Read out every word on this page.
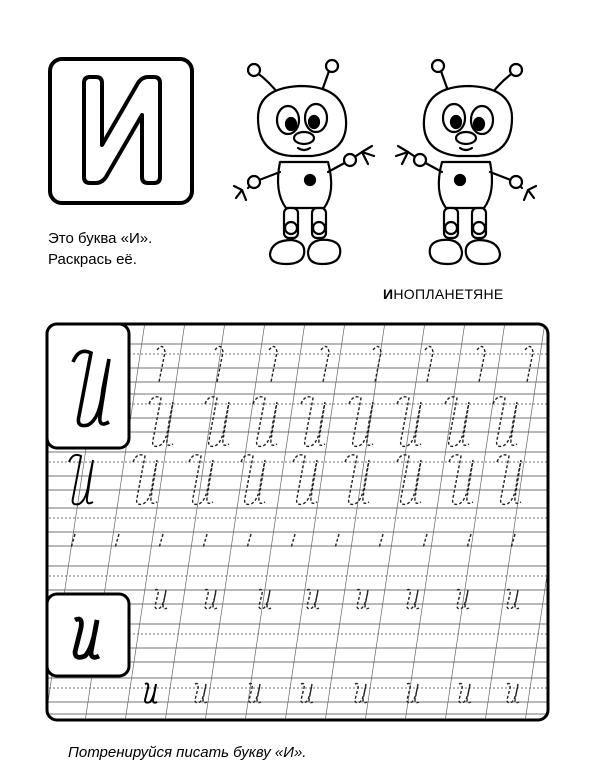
Это буква «И».
Раскрась её.
ИНОПЛАНЕТЯНЕ
Потренируйся писать букву «И».
